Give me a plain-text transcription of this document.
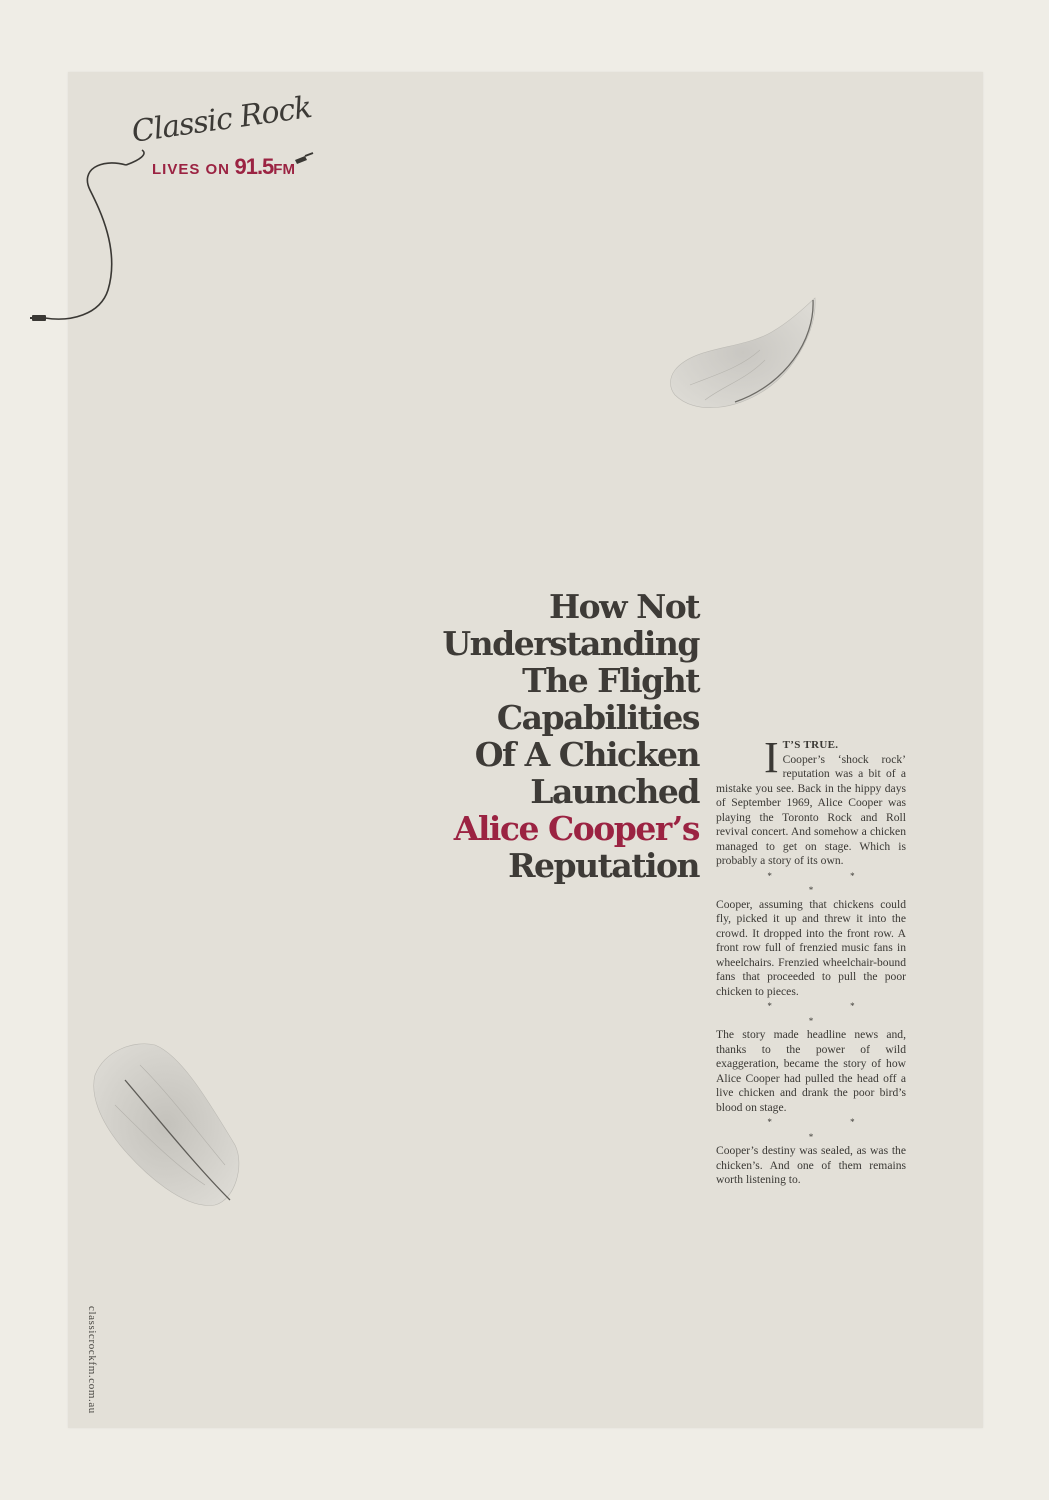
Classic Rock
LIVES ON 91.5FM
How Not
Understanding
The Flight
Capabilities
Of A Chicken
Launched
Alice Cooper’s
Reputation

I T’S TRUE.
Cooper’s ‘shock rock’ reputation was a bit of a mistake you see. Back in the hippy days of September 1969, Alice Cooper was playing the Toronto Rock and Roll revival concert. And somehow a chicken managed to get on stage. Which is probably a story of its own.

* * *

Cooper, assuming that chickens could fly, picked it up and threw it into the crowd. It dropped into the front row. A front row full of frenzied music fans in wheelchairs. Frenzied wheelchair-bound fans that proceeded to pull the poor chicken to pieces.

* * *

The story made headline news and, thanks to the power of wild exaggeration, became the story of how Alice Cooper had pulled the head off a live chicken and drank the poor bird’s blood on stage.

* * *

Cooper’s destiny was sealed, as was the chicken’s. And one of them remains worth listening to.

classicrockfm.com.au
